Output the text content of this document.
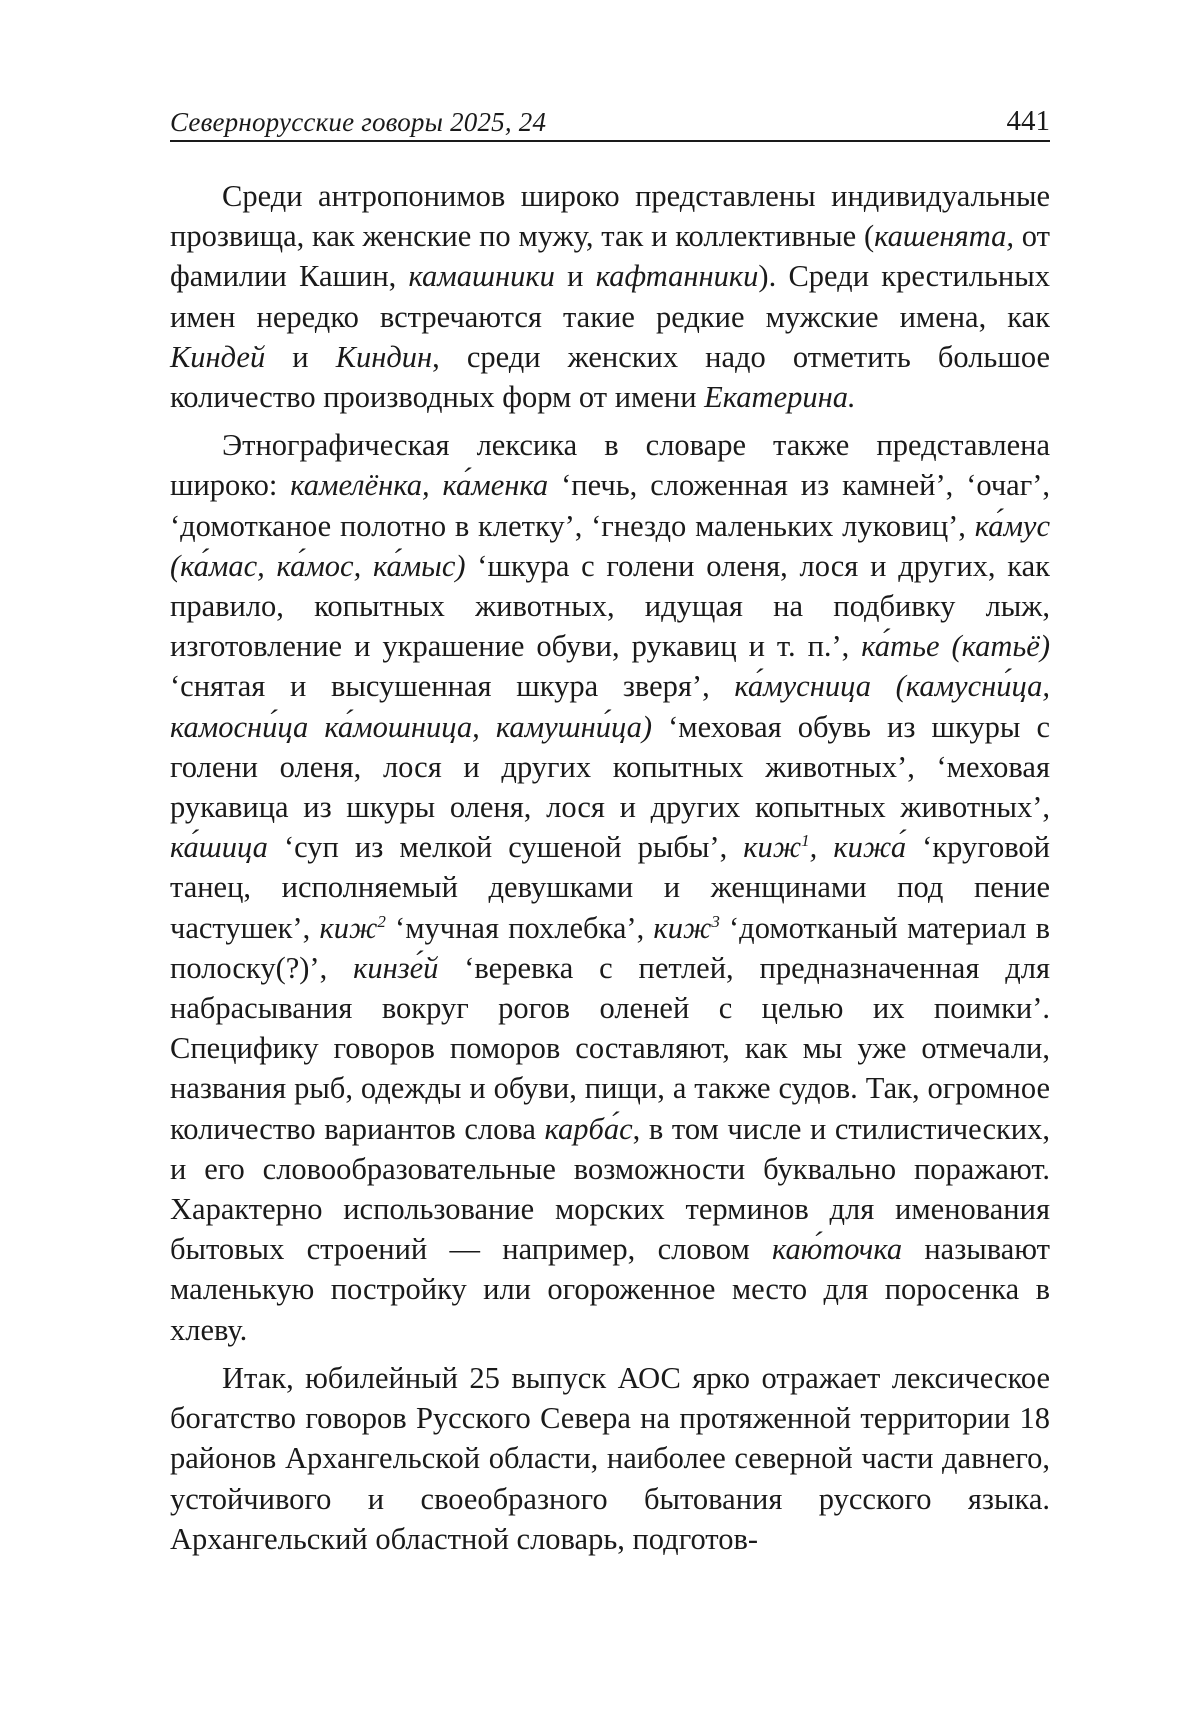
Севернорусские говоры 2025, 24	441

Среди антропонимов широко представлены индивидуальные прозвища, как женские по мужу, так и коллективные (кашенята, от фамилии Кашин, камашники и кафтанники). Среди крестильных имен нередко встречаются такие редкие мужские имена, как Киндей и Киндин, среди женских надо отметить большое количество производных форм от имени Екатерина.

Этнографическая лексика в словаре также представлена широко: камелёнка, ка́менка ‘печь, сложенная из камней’, ‘очаг’, ‘домотканое полотно в клетку’, ‘гнездо маленьких луковиц’, ка́мус (ка́мас, ка́мос, ка́мыс) ‘шкура с голени оленя, лося и других, как правило, копытных животных, идущая на подбивку лыж, изготовление и украшение обуви, рукавиц и т. п.’, ка́тье (катьё) ‘снятая и высушенная шкура зверя’, ка́мусница (камусни́ца, камосни́ца ка́мошница, камушни́ца) ‘меховая обувь из шкуры с голени оленя, лося и других копытных животных’, ‘меховая рукавица из шкуры оленя, лося и других копытных животных’, ка́шица ‘суп из мелкой сушеной рыбы’, киж$^1$, кижа́ ‘круговой танец, исполняемый девушками и женщинами под пение частушек’, киж$^2$ ‘мучная похлебка’, киж$^3$ ‘домотканый материал в полоску(?)’, кинзе́й ‘веревка с петлей, предназначенная для набрасывания вокруг рогов оленей с целью их поимки’. Специфику говоров поморов составляют, как мы уже отмечали, названия рыб, одежды и обуви, пищи, а также судов. Так, огромное количество вариантов слова карба́с, в том числе и стилистических, и его словообразовательные возможности буквально поражают. Характерно использование морских терминов для именования бытовых строений — например, словом каю́точка называют маленькую постройку или огороженное место для поросенка в хлеву.

Итак, юбилейный 25 выпуск АОС ярко отражает лексическое богатство говоров Русского Севера на протяженной территории 18 районов Архангельской области, наиболее северной части давнего, устойчивого и своеобразного бытования русского языка. Архангельский областной словарь, подготов-
